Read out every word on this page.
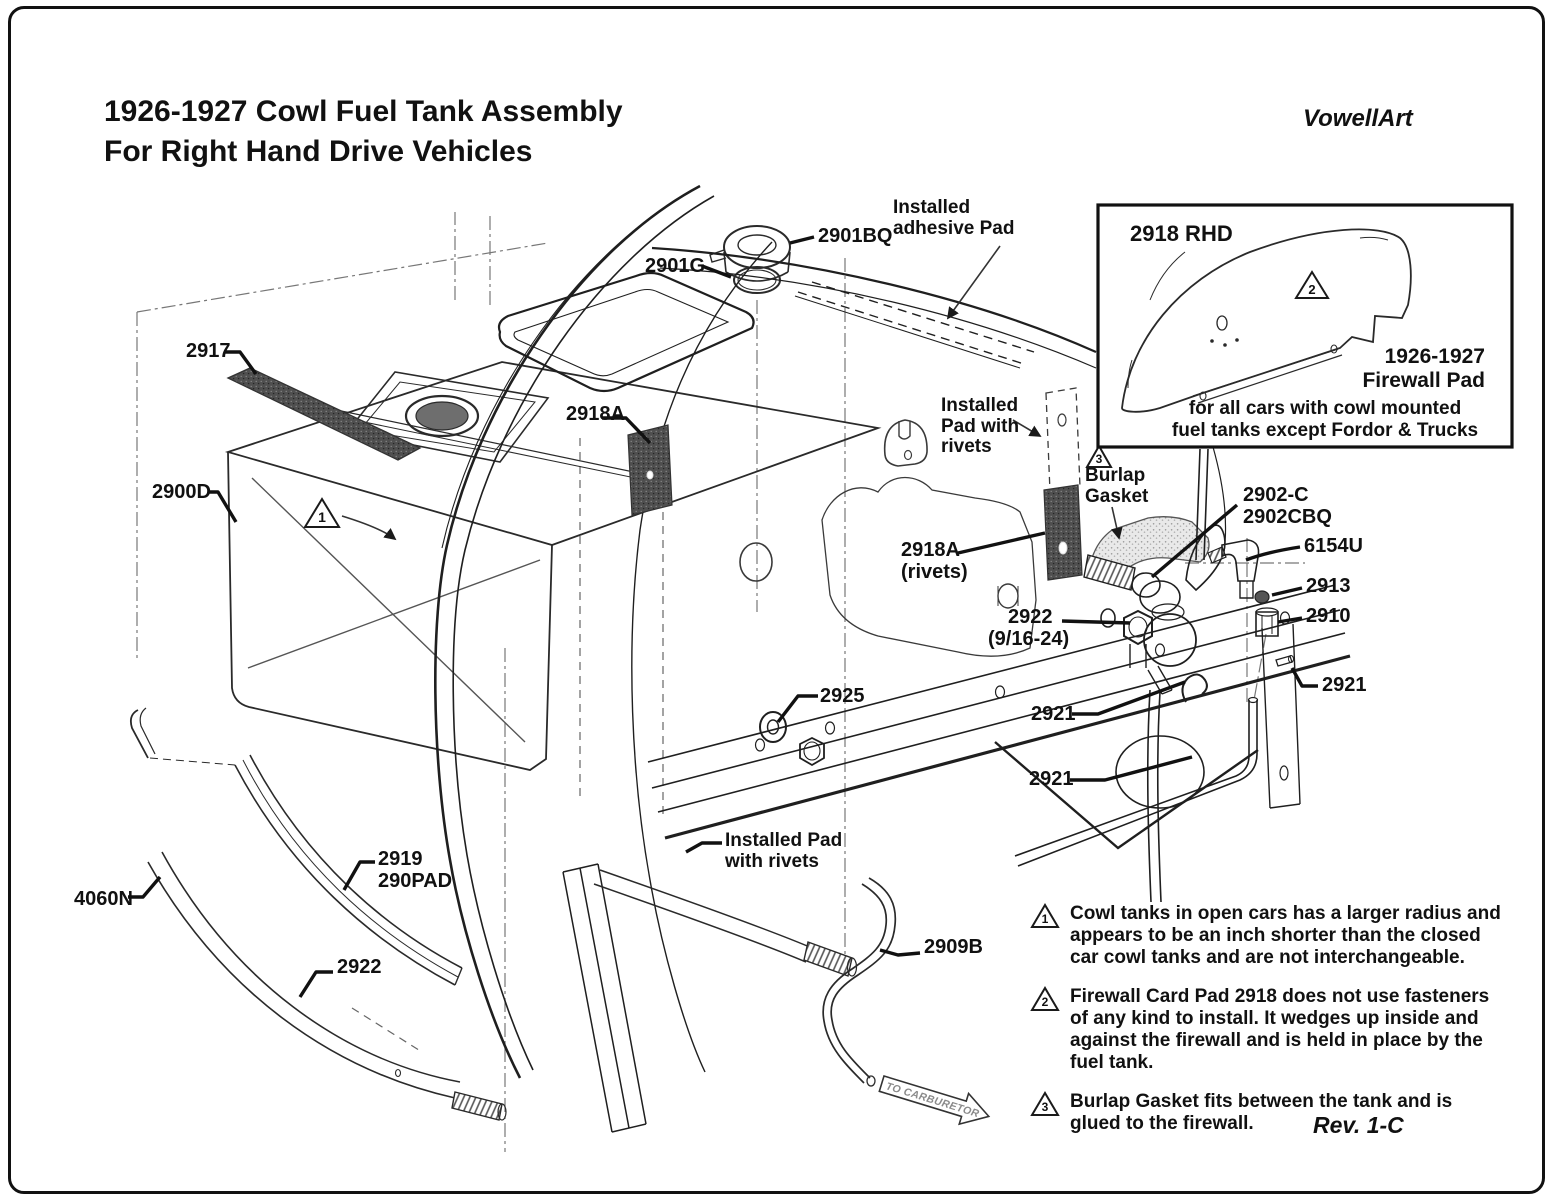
TO CARBURETOR
1
3
2
1
2
3
1926-1927 Cowl Fuel Tank Assembly
For Right Hand Drive Vehicles
VowellArt
Rev. 1-C
2918 RHD
1926-1927
Firewall Pad
for all cars with cowl mounted
fuel tanks except Fordor & Trucks
2901BQ
2901G
Installed
adhesive Pad
2917
2918A
2900D
Installed
Pad with
rivets
Burlap
Gasket
2918A
(rivets)
2902-C
2902CBQ
6154U
2913
2910
2921
2922
(9/16-24)
2925
2921
2921
Installed Pad
with rivets
2919
290PAD
4060N
2922
2909B
Cowl tanks in open cars has a larger radius and
appears to be an inch shorter than the closed
car cowl tanks and are not interchangeable.
Firewall Card Pad 2918 does not use fasteners
of any kind to install. It wedges up inside and
against the firewall and is held in place by the
fuel tank.
Burlap Gasket fits between the tank and is
glued to the firewall.
